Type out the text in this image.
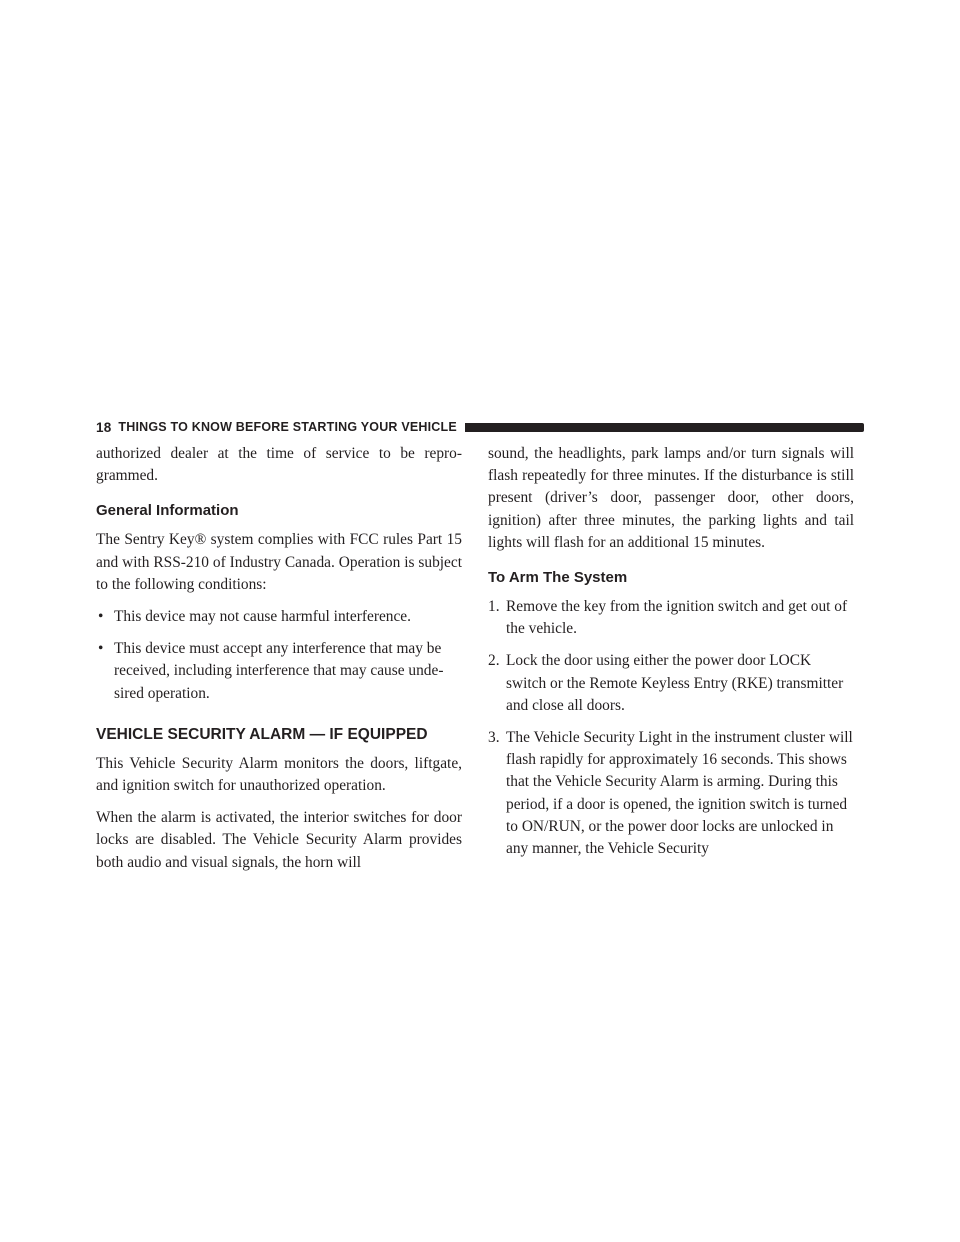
18 THINGS TO KNOW BEFORE STARTING YOUR VEHICLE

authorized dealer at the time of service to be repro-grammed.

General Information

The Sentry Key® system complies with FCC rules Part 15 and with RSS-210 of Industry Canada. Operation is subject to the following conditions:

• This device may not cause harmful interference.
• This device must accept any interference that may be received, including interference that may cause unde-sired operation.
VEHICLE SECURITY ALARM — IF EQUIPPED

This Vehicle Security Alarm monitors the doors, liftgate, and ignition switch for unauthorized operation.

When the alarm is activated, the interior switches for door locks are disabled. The Vehicle Security Alarm provides both audio and visual signals, the horn will

sound, the headlights, park lamps and/or turn signals will flash repeatedly for three minutes. If the disturbance is still present (driver’s door, passenger door, other doors, ignition) after three minutes, the parking lights and tail lights will flash for an additional 15 minutes.

To Arm The System
1. Remove the key from the ignition switch and get out of the vehicle.
2. Lock the door using either the power door LOCK switch or the Remote Keyless Entry (RKE) transmitter and close all doors.
3. The Vehicle Security Light in the instrument cluster will flash rapidly for approximately 16 seconds. This shows that the Vehicle Security Alarm is arming. During this period, if a door is opened, the ignition switch is turned to ON/RUN, or the power door locks are unlocked in any manner, the Vehicle Security
